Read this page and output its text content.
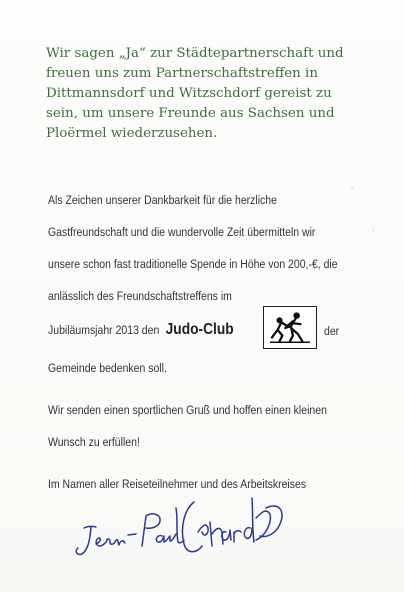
Wir sagen „Ja“ zur Städtepartnerschaft und
freuen uns zum Partnerschaftstreffen in
Dittmannsdorf und Witzschdorf gereist zu
sein, um unsere Freunde aus Sachsen und
Ploërmel wiederzusehen.
Als Zeichen unserer Dankbarkeit für die herzliche
Gastfreundschaft und die wundervolle Zeit übermitteln wir
unsere schon fast traditionelle Spende in Höhe von 200,-€, die
anlässlich des Freundschaftstreffens im
Jubiläumsjahr 2013 den Judo-Club	der
Gemeinde bedenken soll.
Wir senden einen sportlichen Gruß und hoffen einen kleinen
Wunsch zu erfüllen!
Im Namen aller Reiseteilnehmer und des Arbeitskreises
◦
·
